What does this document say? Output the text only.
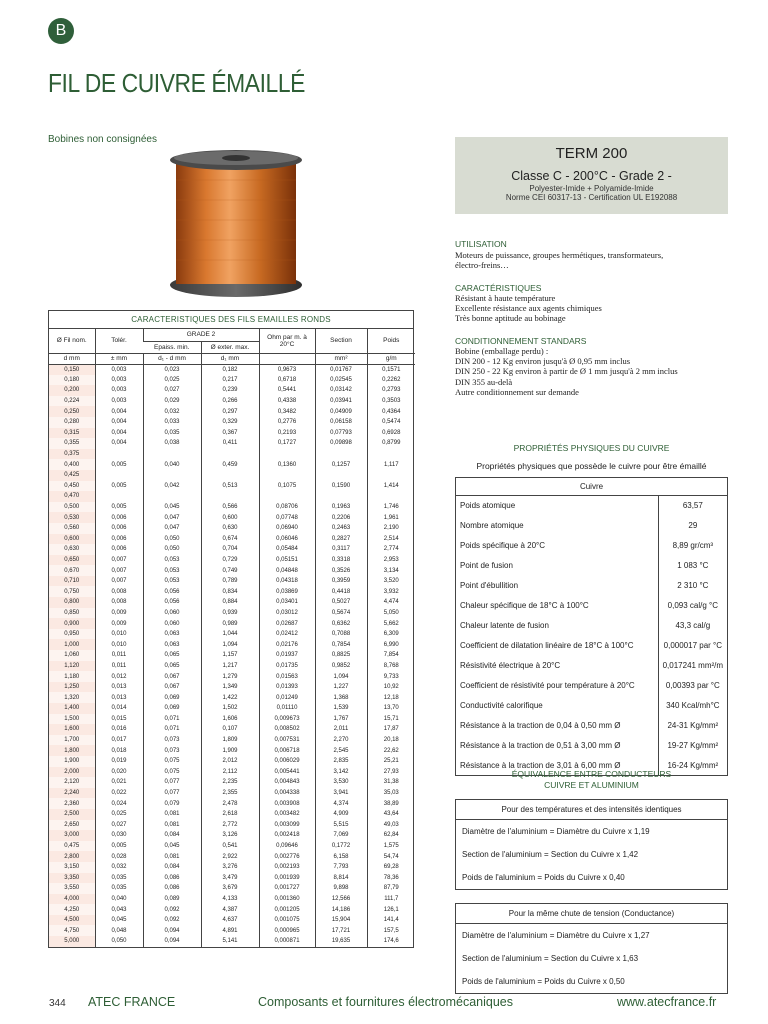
B
FIL DE CUIVRE ÉMAILLÉ
Bobines non consignées
CARACTERISTIQUES DES FILS EMAILLES RONDS
Ø Fil nom.	Tolér.	GRADE 2		Ohm par m. à 20°C	Section	Poids
		Epaiss. min.	Ø exter. max.			
d mm	± mm	d₁ - d mm	d₁ mm		mm²	g/m
0,150	0,003	0,023	0,182	0,9673	0,01767	0,1571
0,180	0,003	0,025	0,217	0,6718	0,02545	0,2262
0,200	0,003	0,027	0,239	0,5441	0,03142	0,2793
0,224	0,003	0,029	0,266	0,4338	0,03941	0,3503
0,250	0,004	0,032	0,297	0,3482	0,04909	0,4364
0,280	0,004	0,033	0,329	0,2776	0,06158	0,5474
0,315	0,004	0,035	0,367	0,2193	0,07793	0,6928
0,355	0,004	0,038	0,411	0,1727	0,09898	0,8799
0,375						
0,400	0,005	0,040	0,459	0,1360	0,1257	1,117
0,425						
0,450	0,005	0,042	0,513	0,1075	0,1590	1,414
0,470						
0,500	0,005	0,045	0,566	0,08706	0,1963	1,746
0,530	0,006	0,047	0,600	0,07748	0,2206	1,961
0,560	0,006	0,047	0,630	0,06940	0,2463	2,190
0,600	0,006	0,050	0,674	0,06046	0,2827	2,514
0,630	0,006	0,050	0,704	0,05484	0,3117	2,774
0,650	0,007	0,053	0,729	0,05151	0,3318	2,953
0,670	0,007	0,053	0,749	0,04848	0,3526	3,134
0,710	0,007	0,053	0,789	0,04318	0,3959	3,520
0,750	0,008	0,056	0,834	0,03869	0,4418	3,932
0,800	0,008	0,056	0,884	0,03401	0,5027	4,474
0,850	0,009	0,060	0,939	0,03012	0,5674	5,050
0,900	0,009	0,060	0,989	0,02687	0,6362	5,662
0,950	0,010	0,063	1,044	0,02412	0,7088	6,309
1,000	0,010	0,063	1,094	0,02176	0,7854	6,990
1,060	0,011	0,065	1,157	0,01937	0,8825	7,854
1,120	0,011	0,065	1,217	0,01735	0,9852	8,768
1,180	0,012	0,067	1,279	0,01563	1,094	9,733
1,250	0,013	0,067	1,349	0,01393	1,227	10,92
1,320	0,013	0,069	1,422	0,01249	1,368	12,18
1,400	0,014	0,069	1,502	0,01110	1,539	13,70
1,500	0,015	0,071	1,606	0,009673	1,767	15,71
1,600	0,016	0,071	0,107	0,008502	2,011	17,87
1,700	0,017	0,073	1,809	0,007531	2,270	20,18
1,800	0,018	0,073	1,909	0,006718	2,545	22,62
1,900	0,019	0,075	2,012	0,006029	2,835	25,21
2,000	0,020	0,075	2,112	0,005441	3,142	27,93
2,120	0,021	0,077	2,235	0,004843	3,530	31,38
2,240	0,022	0,077	2,355	0,004338	3,941	35,03
2,360	0,024	0,079	2,478	0,003908	4,374	38,89
2,500	0,025	0,081	2,618	0,003482	4,909	43,64
2,650	0,027	0,081	2,772	0,003099	5,515	49,03
3,000	0,030	0,084	3,126	0,002418	7,069	62,84
0,475	0,005	0,045	0,541	0,09646	0,1772	1,575
2,800	0,028	0,081	2,922	0,002776	6,158	54,74
3,150	0,032	0,084	3,276	0,002193	7,793	69,28
3,350	0,035	0,086	3,479	0,001939	8,814	78,36
3,550	0,035	0,086	3,679	0,001727	9,898	87,79
4,000	0,040	0,089	4,133	0,001360	12,566	111,7
4,250	0,043	0,092	4,387	0,001205	14,186	126,1
4,500	0,045	0,092	4,637	0,001075	15,904	141,4
4,750	0,048	0,094	4,891	0,000965	17,721	157,5
5,000	0,050	0,094	5,141	0,000871	19,635	174,6
TERM 200
Classe C - 200°C - Grade 2 -
Polyester-Imide + Polyamide-Imide
Norme CEI 60317-13 - Certification UL E192088
UTILISATION
Moteurs de puissance, groupes hermétiques, transformateurs,
électro-freins…
CARACTÉRISTIQUES
Résistant à haute température
Excellente résistance aux agents chimiques
Très bonne aptitude au bobinage
CONDITIONNEMENT STANDARS
Bobine (emballage perdu) :
DIN 200 - 12 Kg environ jusqu'à Ø 0,95 mm inclus
DIN 250 - 22 Kg environ à partir de Ø 1 mm jusqu'à 2 mm inclus
DIN 355 au-delà
Autre conditionnement sur demande
PROPRIÉTÉS PHYSIQUES DU CUIVRE
Propriétés physiques que possède le cuivre pour être émaillé
Cuivre	
Poids atomique	63,57
Nombre atomique	29
Poids spécifique à 20°C	8,89 gr/cm³
Point de fusion	1 083 °C
Point d'ébullition	2 310 °C
Chaleur spécifique de 18°C à 100°C	0,093 cal/g °C
Chaleur latente de fusion	43,3 cal/g
Coefficient de dilatation linéaire de 18°C à 100°C	0,000017 par °C
Résistivité électrique à 20°C	0,017241 mm²/m
Coefficient de résistivité pour température à 20°C	0,00393 par °C
Conductivité calorifique	340 Kcal/mh°C
Résistance à la traction de 0,04 à 0,50 mm Ø	24-31 Kg/mm²
Résistance à la traction de 0,51 à 3,00 mm Ø	19-27 Kg/mm²
Résistance à la traction de 3,01 à 6,00 mm Ø	16-24 Kg/mm²
ÉQUIVALENCE ENTRE CONDUCTEURS
CUIVRE ET ALUMINIUM
Pour des températures et des intensités identiques
Diamètre de l'aluminium = Diamètre du Cuivre x 1,19
Section de l'aluminium = Section du Cuivre x 1,42
Poids de l'aluminium = Poids du Cuivre x 0,40
Pour la même chute de tension (Conductance)
Diamètre de l'aluminium = Diamètre du Cuivre x 1,27
Section de l'aluminium = Section du Cuivre x 1,63
Poids de l'aluminium = Poids du Cuivre x 0,50
344 ATEC FRANCE	Composants et fournitures électromécaniques	www.atecfrance.fr
